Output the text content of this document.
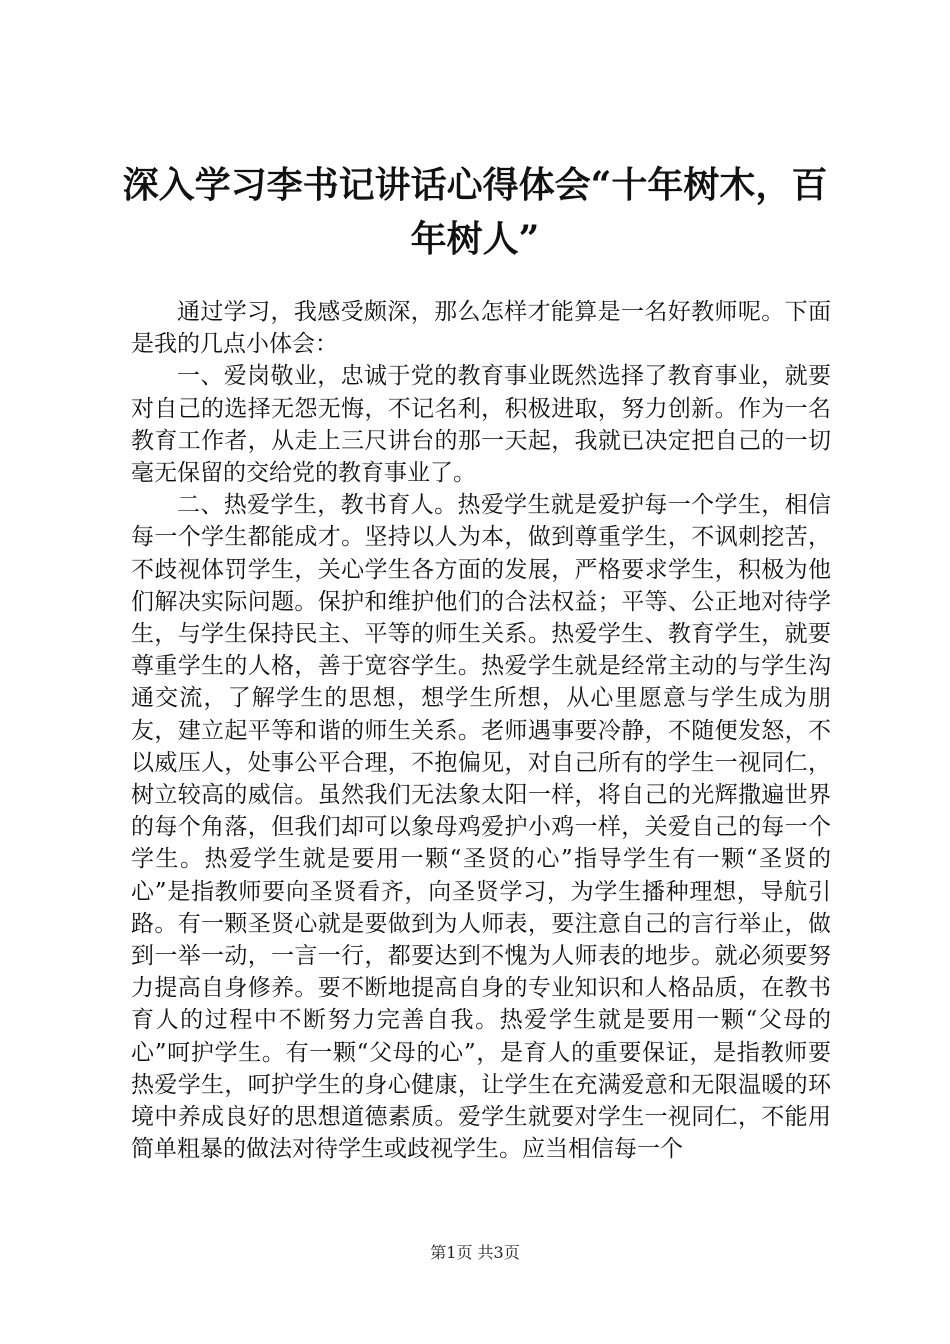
深入学习李书记讲话心得体会“十年树木，百年树人”

通过学习，我感受颇深，那么怎样才能算是一名好教师呢。下面是我的几点小体会：

一、爱岗敬业，忠诚于党的教育事业既然选择了教育事业，就要对自己的选择无怨无悔，不记名利，积极进取，努力创新。作为一名教育工作者，从走上三尺讲台的那一天起，我就已决定把自己的一切毫无保留的交给党的教育事业了。

二、热爱学生，教书育人。热爱学生就是爱护每一个学生，相信每一个学生都能成才。坚持以人为本，做到尊重学生，不讽刺挖苦，不歧视体罚学生，关心学生各方面的发展，严格要求学生，积极为他们解决实际问题。保护和维护他们的合法权益；平等、公正地对待学生，与学生保持民主、平等的师生关系。热爱学生、教育学生，就要尊重学生的人格，善于宽容学生。热爱学生就是经常主动的与学生沟通交流，了解学生的思想，想学生所想，从心里愿意与学生成为朋友，建立起平等和谐的师生关系。老师遇事要冷静，不随便发怒，不以威压人，处事公平合理，不抱偏见，对自己所有的学生一视同仁，树立较高的威信。虽然我们无法象太阳一样，将自己的光辉撒遍世界的每个角落，但我们却可以象母鸡爱护小鸡一样，关爱自己的每一个学生。热爱学生就是要用一颗“圣贤的心”指导学生有一颗“圣贤的心”是指教师要向圣贤看齐，向圣贤学习，为学生播种理想，导航引路。有一颗圣贤心就是要做到为人师表，要注意自己的言行举止，做到一举一动，一言一行，都要达到不愧为人师表的地步。就必须要努力提高自身修养。要不断地提高自身的专业知识和人格品质，在教书育人的过程中不断努力完善自我。热爱学生就是要用一颗“父母的心”呵护学生。有一颗“父母的心”，是育人的重要保证，是指教师要热爱学生，呵护学生的身心健康，让学生在充满爱意和无限温暖的环境中养成良好的思想道德素质。爱学生就要对学生一视同仁，不能用简单粗暴的做法对待学生或歧视学生。应当相信每一个

第1页 共3页
